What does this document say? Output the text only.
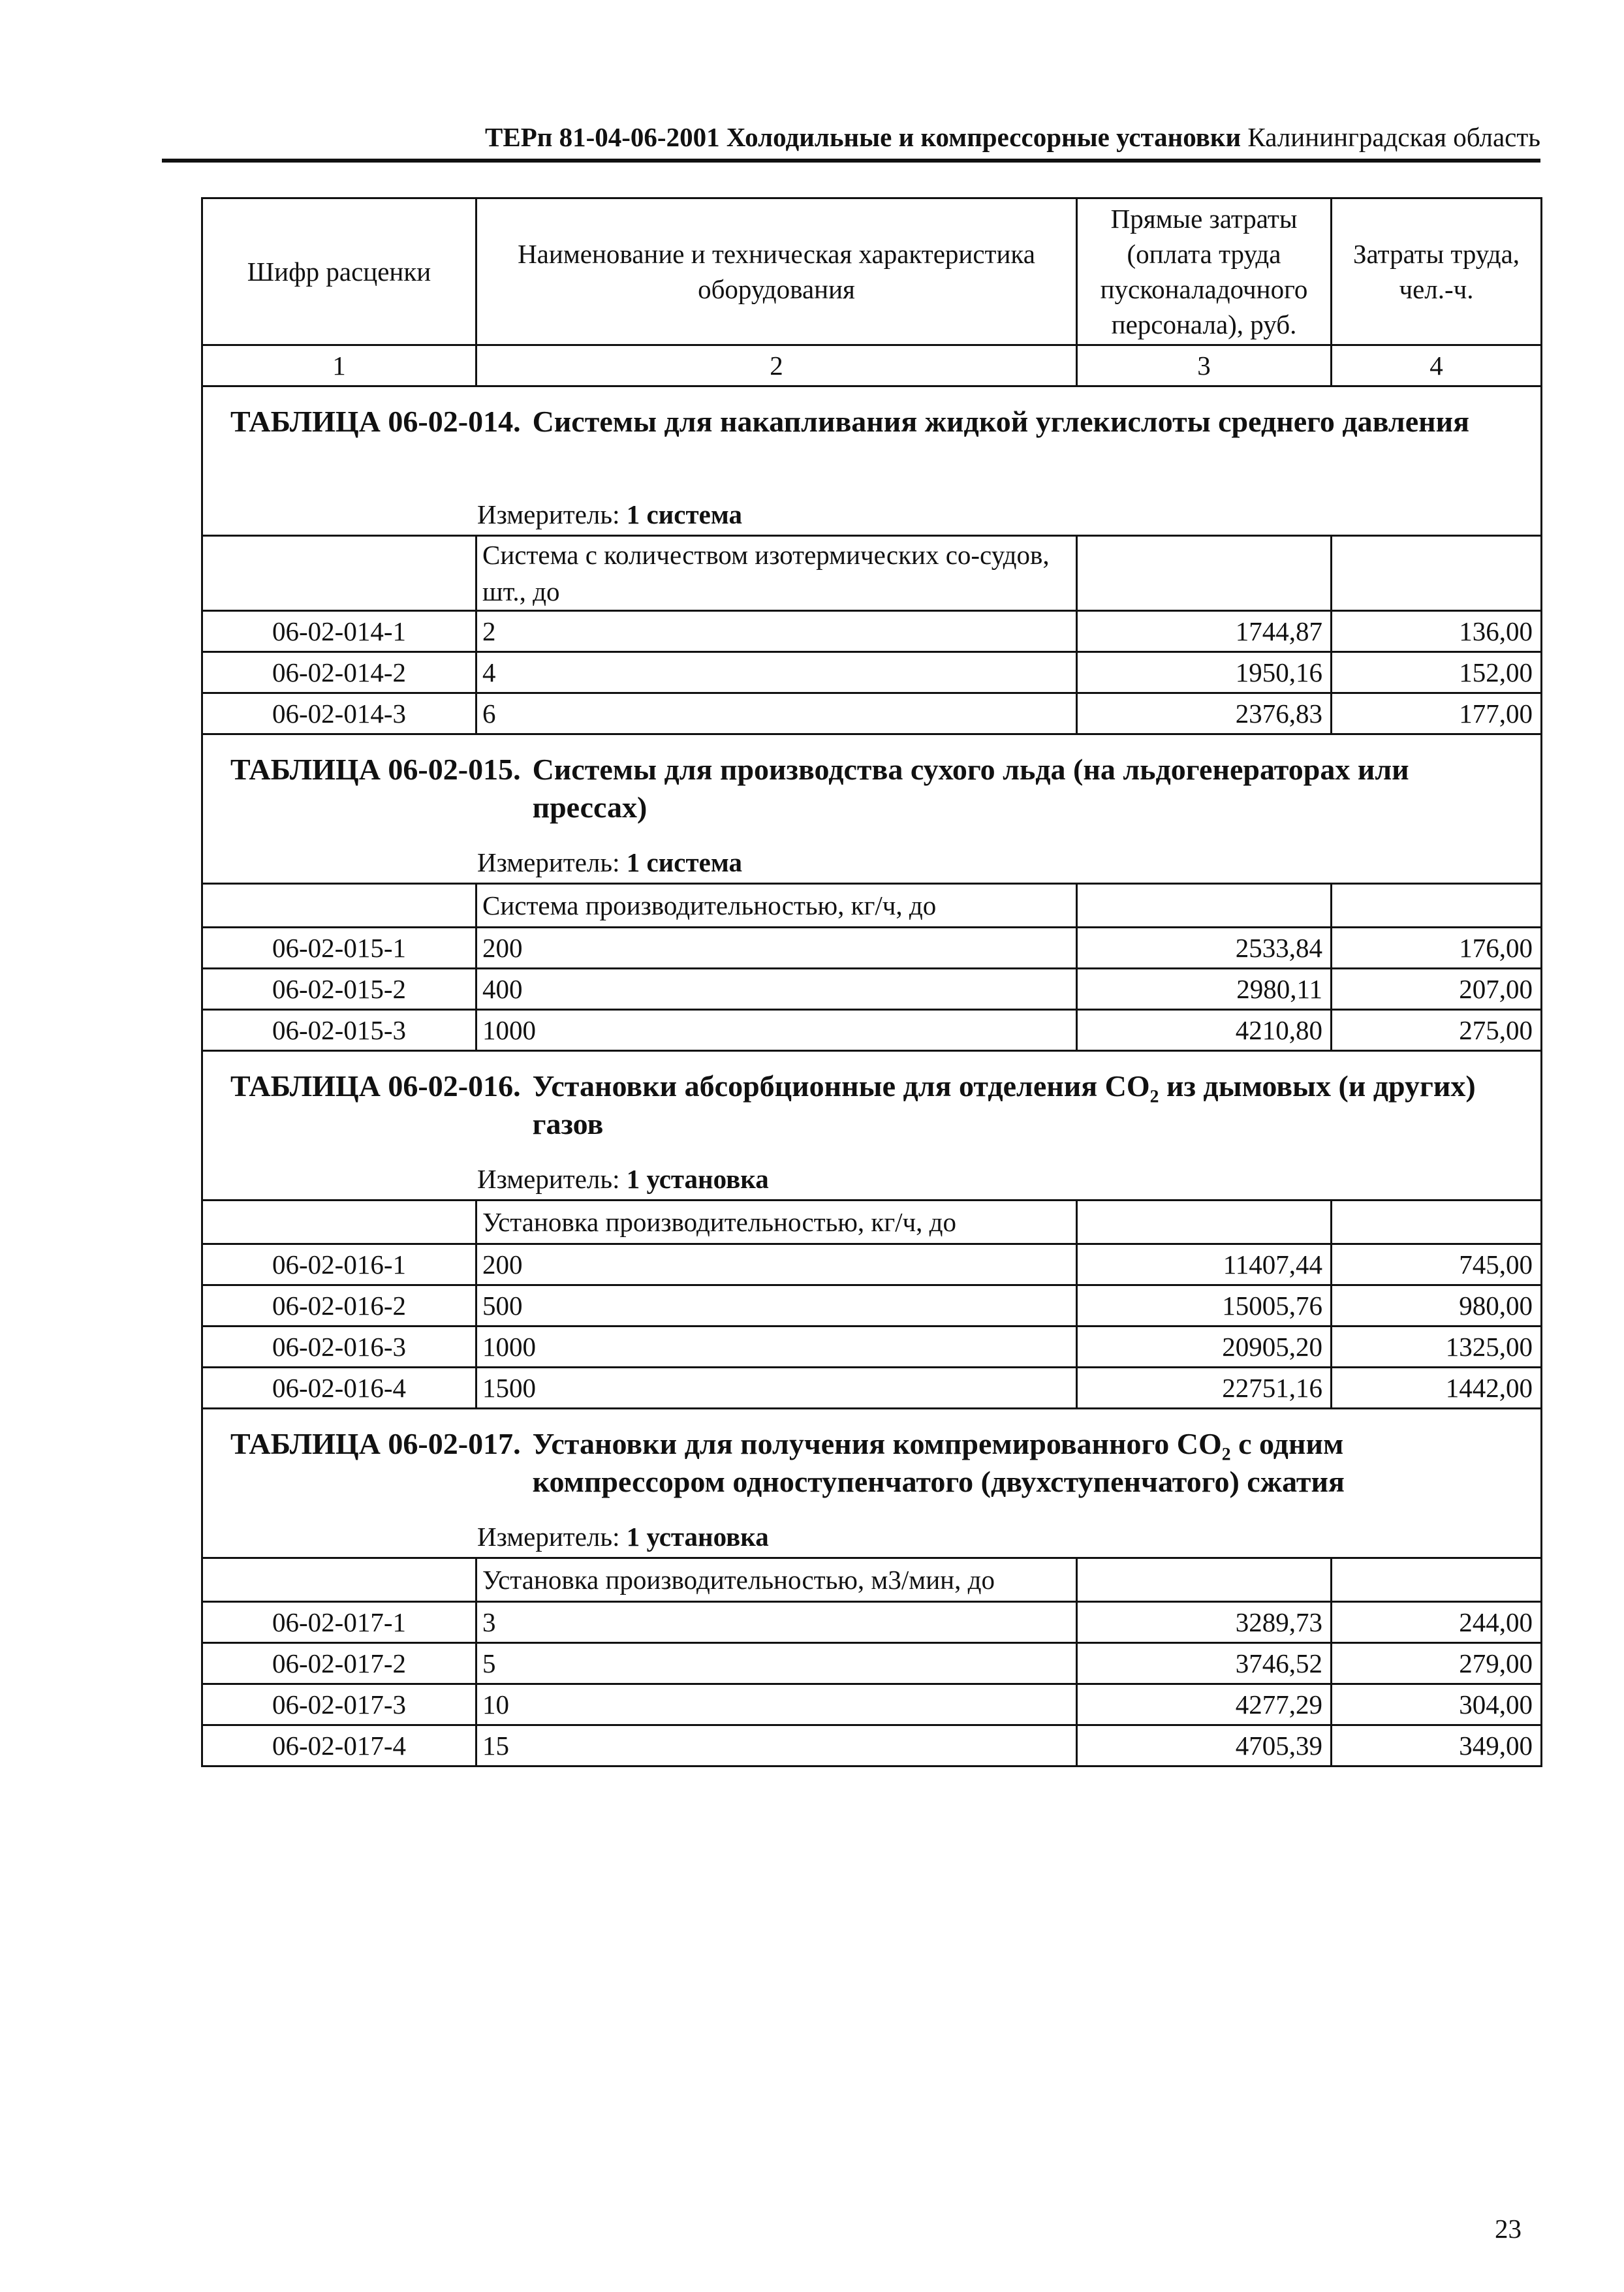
ТЕРп 81-04-06-2001 Холодильные и компрессорные установки Калининградская область
Шифр расценки	Наименование и техническая характеристика оборудования	Прямые затраты (оплата труда пусконаладочного персонала), руб.	Затраты труда, чел.-ч.
1	2	3	4

ТАБЛИЦА 06-02-014. Системы для накапливания жидкой углекислоты среднего давления			

Измеритель: 1 система			
	Система с количеством изотермических со-судов, шт., до		
06-02-014-1	2	1744,87	136,00
06-02-014-2	4	1950,16	152,00
06-02-014-3	6	2376,83	177,00

ТАБЛИЦА 06-02-015. Системы для производства сухого льда (на льдогенераторах или прессах)			

Измеритель: 1 система			
	Система производительностью, кг/ч, до		
06-02-015-1	200	2533,84	176,00
06-02-015-2	400	2980,11	207,00
06-02-015-3	1000	4210,80	275,00

ТАБЛИЦА 06-02-016. Установки абсорбционные для отделения CO₂ из дымовых (и других) газов			

Измеритель: 1 установка			
	Установка производительностью, кг/ч, до		
06-02-016-1	200	11407,44	745,00
06-02-016-2	500	15005,76	980,00
06-02-016-3	1000	20905,20	1325,00
06-02-016-4	1500	22751,16	1442,00

ТАБЛИЦА 06-02-017. Установки для получения компремированного CO₂ с одним компрессором одноступенчатого (двухступенчатого) сжатия			

Измеритель: 1 установка			
	Установка производительностью, м3/мин, до		
06-02-017-1	3	3289,73	244,00
06-02-017-2	5	3746,52	279,00
06-02-017-3	10	4277,29	304,00
06-02-017-4	15	4705,39	349,00
23
